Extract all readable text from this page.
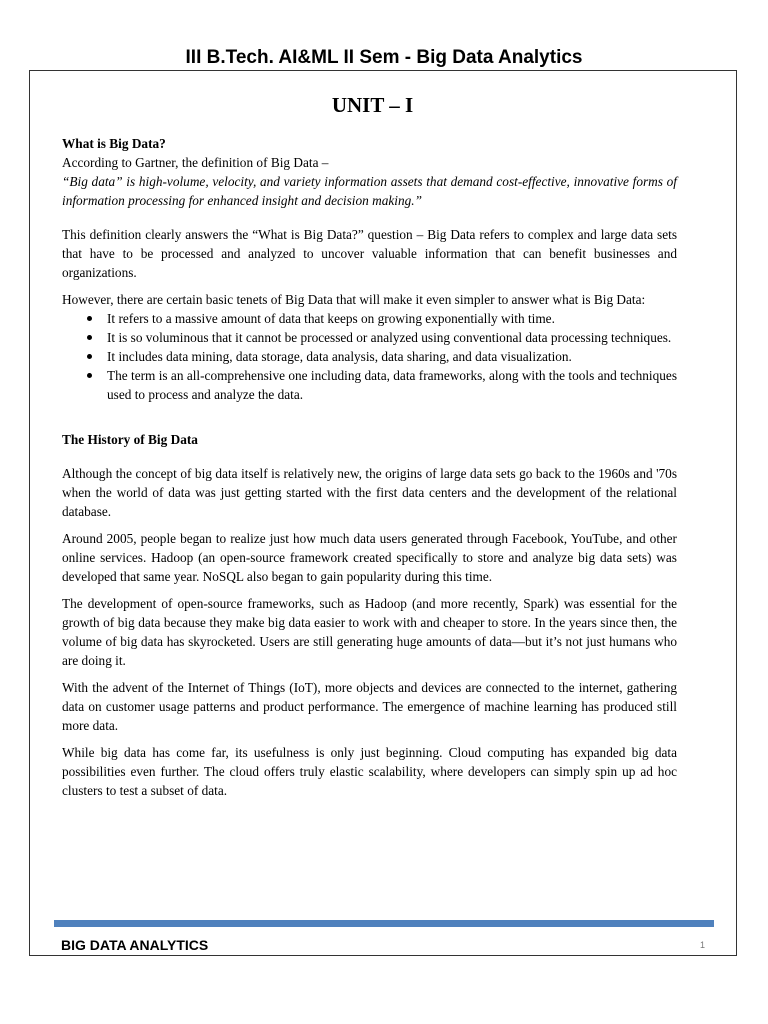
III B.Tech. AI&ML II Sem - Big Data Analytics
UNIT – I

What is Big Data?

According to Gartner, the definition of Big Data –

“Big data” is high-volume, velocity, and variety information assets that demand cost-effective, innovative forms of information processing for enhanced insight and decision making.”

This definition clearly answers the “What is Big Data?” question – Big Data refers to complex and large data sets that have to be processed and analyzed to uncover valuable information that can benefit businesses and organizations.

However, there are certain basic tenets of Big Data that will make it even simpler to answer what is Big Data:

It refers to a massive amount of data that keeps on growing exponentially with time.
It is so voluminous that it cannot be processed or analyzed using conventional data processing techniques.
It includes data mining, data storage, data analysis, data sharing, and data visualization.
The term is an all-comprehensive one including data, data frameworks, along with the tools and techniques used to process and analyze the data.

The History of Big Data

Although the concept of big data itself is relatively new, the origins of large data sets go back to the 1960s and '70s when the world of data was just getting started with the first data centers and the development of the relational database.

Around 2005, people began to realize just how much data users generated through Facebook, YouTube, and other online services. Hadoop (an open-source framework created specifically to store and analyze big data sets) was developed that same year. NoSQL also began to gain popularity during this time.

The development of open-source frameworks, such as Hadoop (and more recently, Spark) was essential for the growth of big data because they make big data easier to work with and cheaper to store. In the years since then, the volume of big data has skyrocketed. Users are still generating huge amounts of data—but it’s not just humans who are doing it.

With the advent of the Internet of Things (IoT), more objects and devices are connected to the internet, gathering data on customer usage patterns and product performance. The emergence of machine learning has produced still more data.

While big data has come far, its usefulness is only just beginning. Cloud computing has expanded big data possibilities even further. The cloud offers truly elastic scalability, where developers can simply spin up ad hoc clusters to test a subset of data.

BIG DATA ANALYTICS	1
